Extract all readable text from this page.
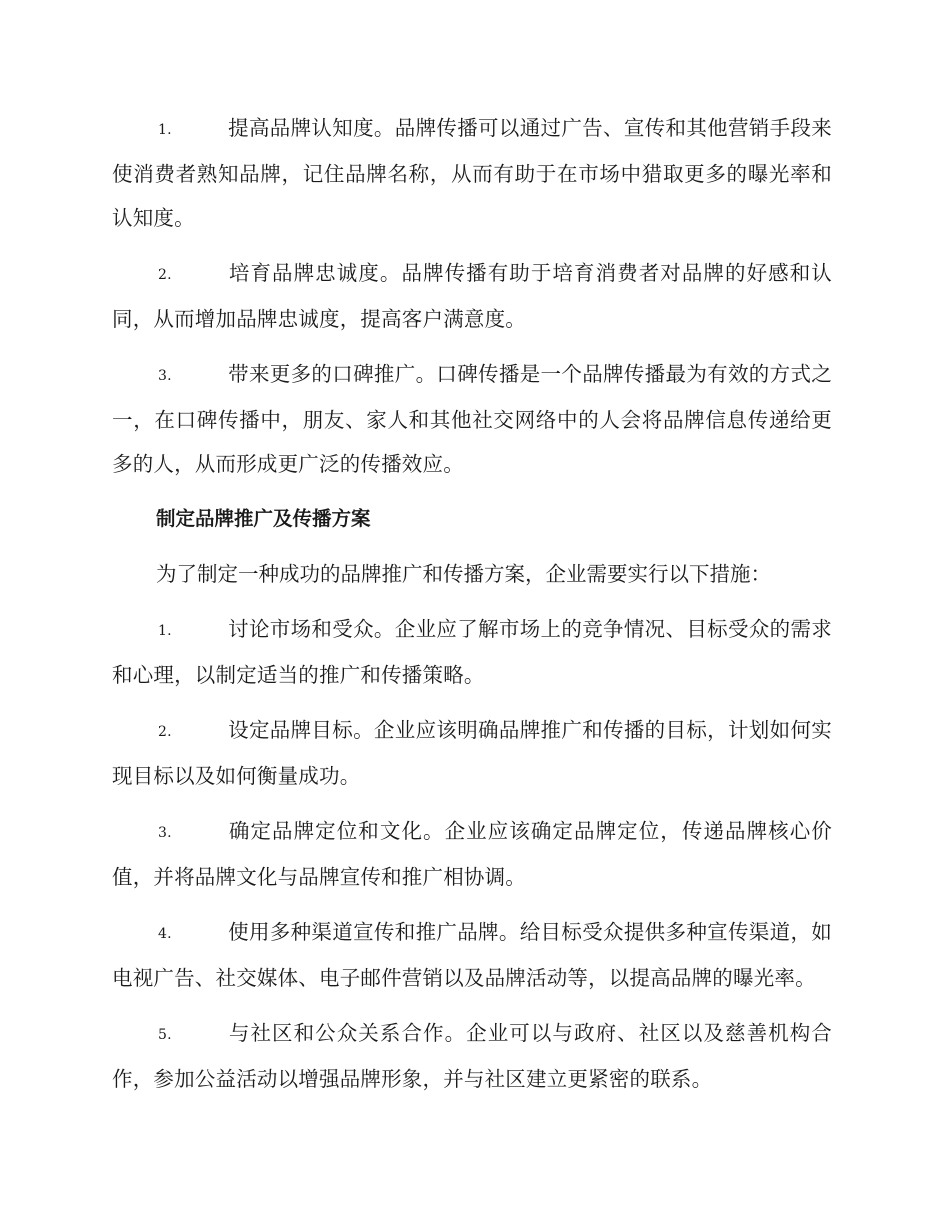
1.	提高品牌认知度。品牌传播可以通过广告、宣传和其他营销手段来使消费者熟知品牌，记住品牌名称，从而有助于在市场中猎取更多的曝光率和认知度。
2.	培育品牌忠诚度。品牌传播有助于培育消费者对品牌的好感和认同，从而增加品牌忠诚度，提高客户满意度。
3.	带来更多的口碑推广。口碑传播是一个品牌传播最为有效的方式之一，在口碑传播中，朋友、家人和其他社交网络中的人会将品牌信息传递给更多的人，从而形成更广泛的传播效应。
制定品牌推广及传播方案
为了制定一种成功的品牌推广和传播方案，企业需要实行以下措施：
1.	讨论市场和受众。企业应了解市场上的竞争情况、目标受众的需求和心理，以制定适当的推广和传播策略。
2.	设定品牌目标。企业应该明确品牌推广和传播的目标，计划如何实现目标以及如何衡量成功。
3.	确定品牌定位和文化。企业应该确定品牌定位，传递品牌核心价值，并将品牌文化与品牌宣传和推广相协调。
4.	使用多种渠道宣传和推广品牌。给目标受众提供多种宣传渠道，如电视广告、社交媒体、电子邮件营销以及品牌活动等，以提高品牌的曝光率。
5.	与社区和公众关系合作。企业可以与政府、社区以及慈善机构合作，参加公益活动以增强品牌形象，并与社区建立更紧密的联系。
